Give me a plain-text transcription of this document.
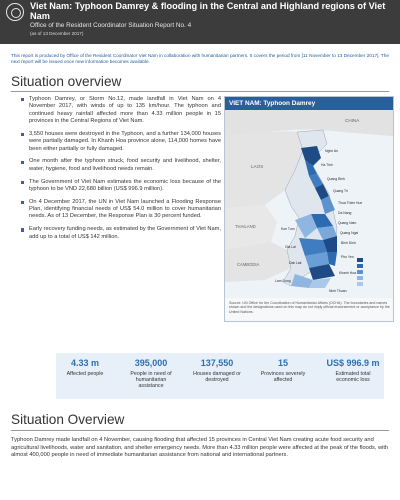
Viet Nam: Typhoon Damrey & flooding in the Central and Highland regions of Viet Nam
Office of the Resident Coordinator Situation Report No. 4
(as of 13 December 2017)

This report is produced by Office of the Resident Coordinator Viet Nam in collaboration with humanitarian partners. It covers the period from [11 November to 13 December 2017]. The next report will be issued once new information becomes available.

Situation overview
Typhoon Damrey, or Storm No.12, made landfall in Viet Nam on 4 November 2017, with winds of up to 135 km/hour. The typhoon and continued heavy rainfall affected more than 4.33 million people in 15 provinces in the Central Regions of Viet Nam.
3,550 houses were destroyed in the Typhoon, and a further 134,000 houses were partially damaged. In Khanh Hoa province alone, 114,000 homes have been either partially or fully damaged.
One month after the typhoon struck, food security and livelihood, shelter, water, hygiene, food and livelihood needs remain.
The Government of Viet Nam estimates the economic loss because of the typhoon to be VND 22,680 billion (US$ 996.9 million).
On 4 December 2017, the UN in Viet Nam launched a Flooding Response Plan, identifying financial needs of US$ 54.0 million to cover humanitarian needs. As of 13 December, the Response Plan is 30 percent funded.
Early recovery funding needs, as estimated by the Government of Viet Nam, add up to a total of US$ 142 million.
VIET NAM: Typhoon Damrey
CHINA
LAOS
THAILAND
CAMBODIA
Nghe An
Ha Tinh
Quang Binh
Quang Tri
Thua Thien Hue
Da Nang
Quang Nam
Quang Ngai
Kon Tum
Gia Lai
Binh Dinh
Phu Yen
Dak Lak
Khanh Hoa
Lam Dong
Ninh Thuan
Source: UN Office for the Coordination of Humanitarian Affairs (OCHA). The boundaries and names shown and the designations used on this map do not imply official endorsement or acceptance by the United Nations.
4.33 m
Affected people
395,000
People in need of humanitarian assistance
137,550
Houses damaged or destroyed
15
Provinces severely affected
US$ 996.9 m
Estimated total economic loss
Situation Overview

Typhoon Damrey made landfall on 4 November, causing flooding that affected 15 provinces in Central Viet Nam creating acute food security and agricultural livelihoods, water and sanitation, and shelter emergency needs. More than 4.33 million people were affected at the peak of the floods, with almost 400,000 people in need of immediate humanitarian assistance from national and international partners.
